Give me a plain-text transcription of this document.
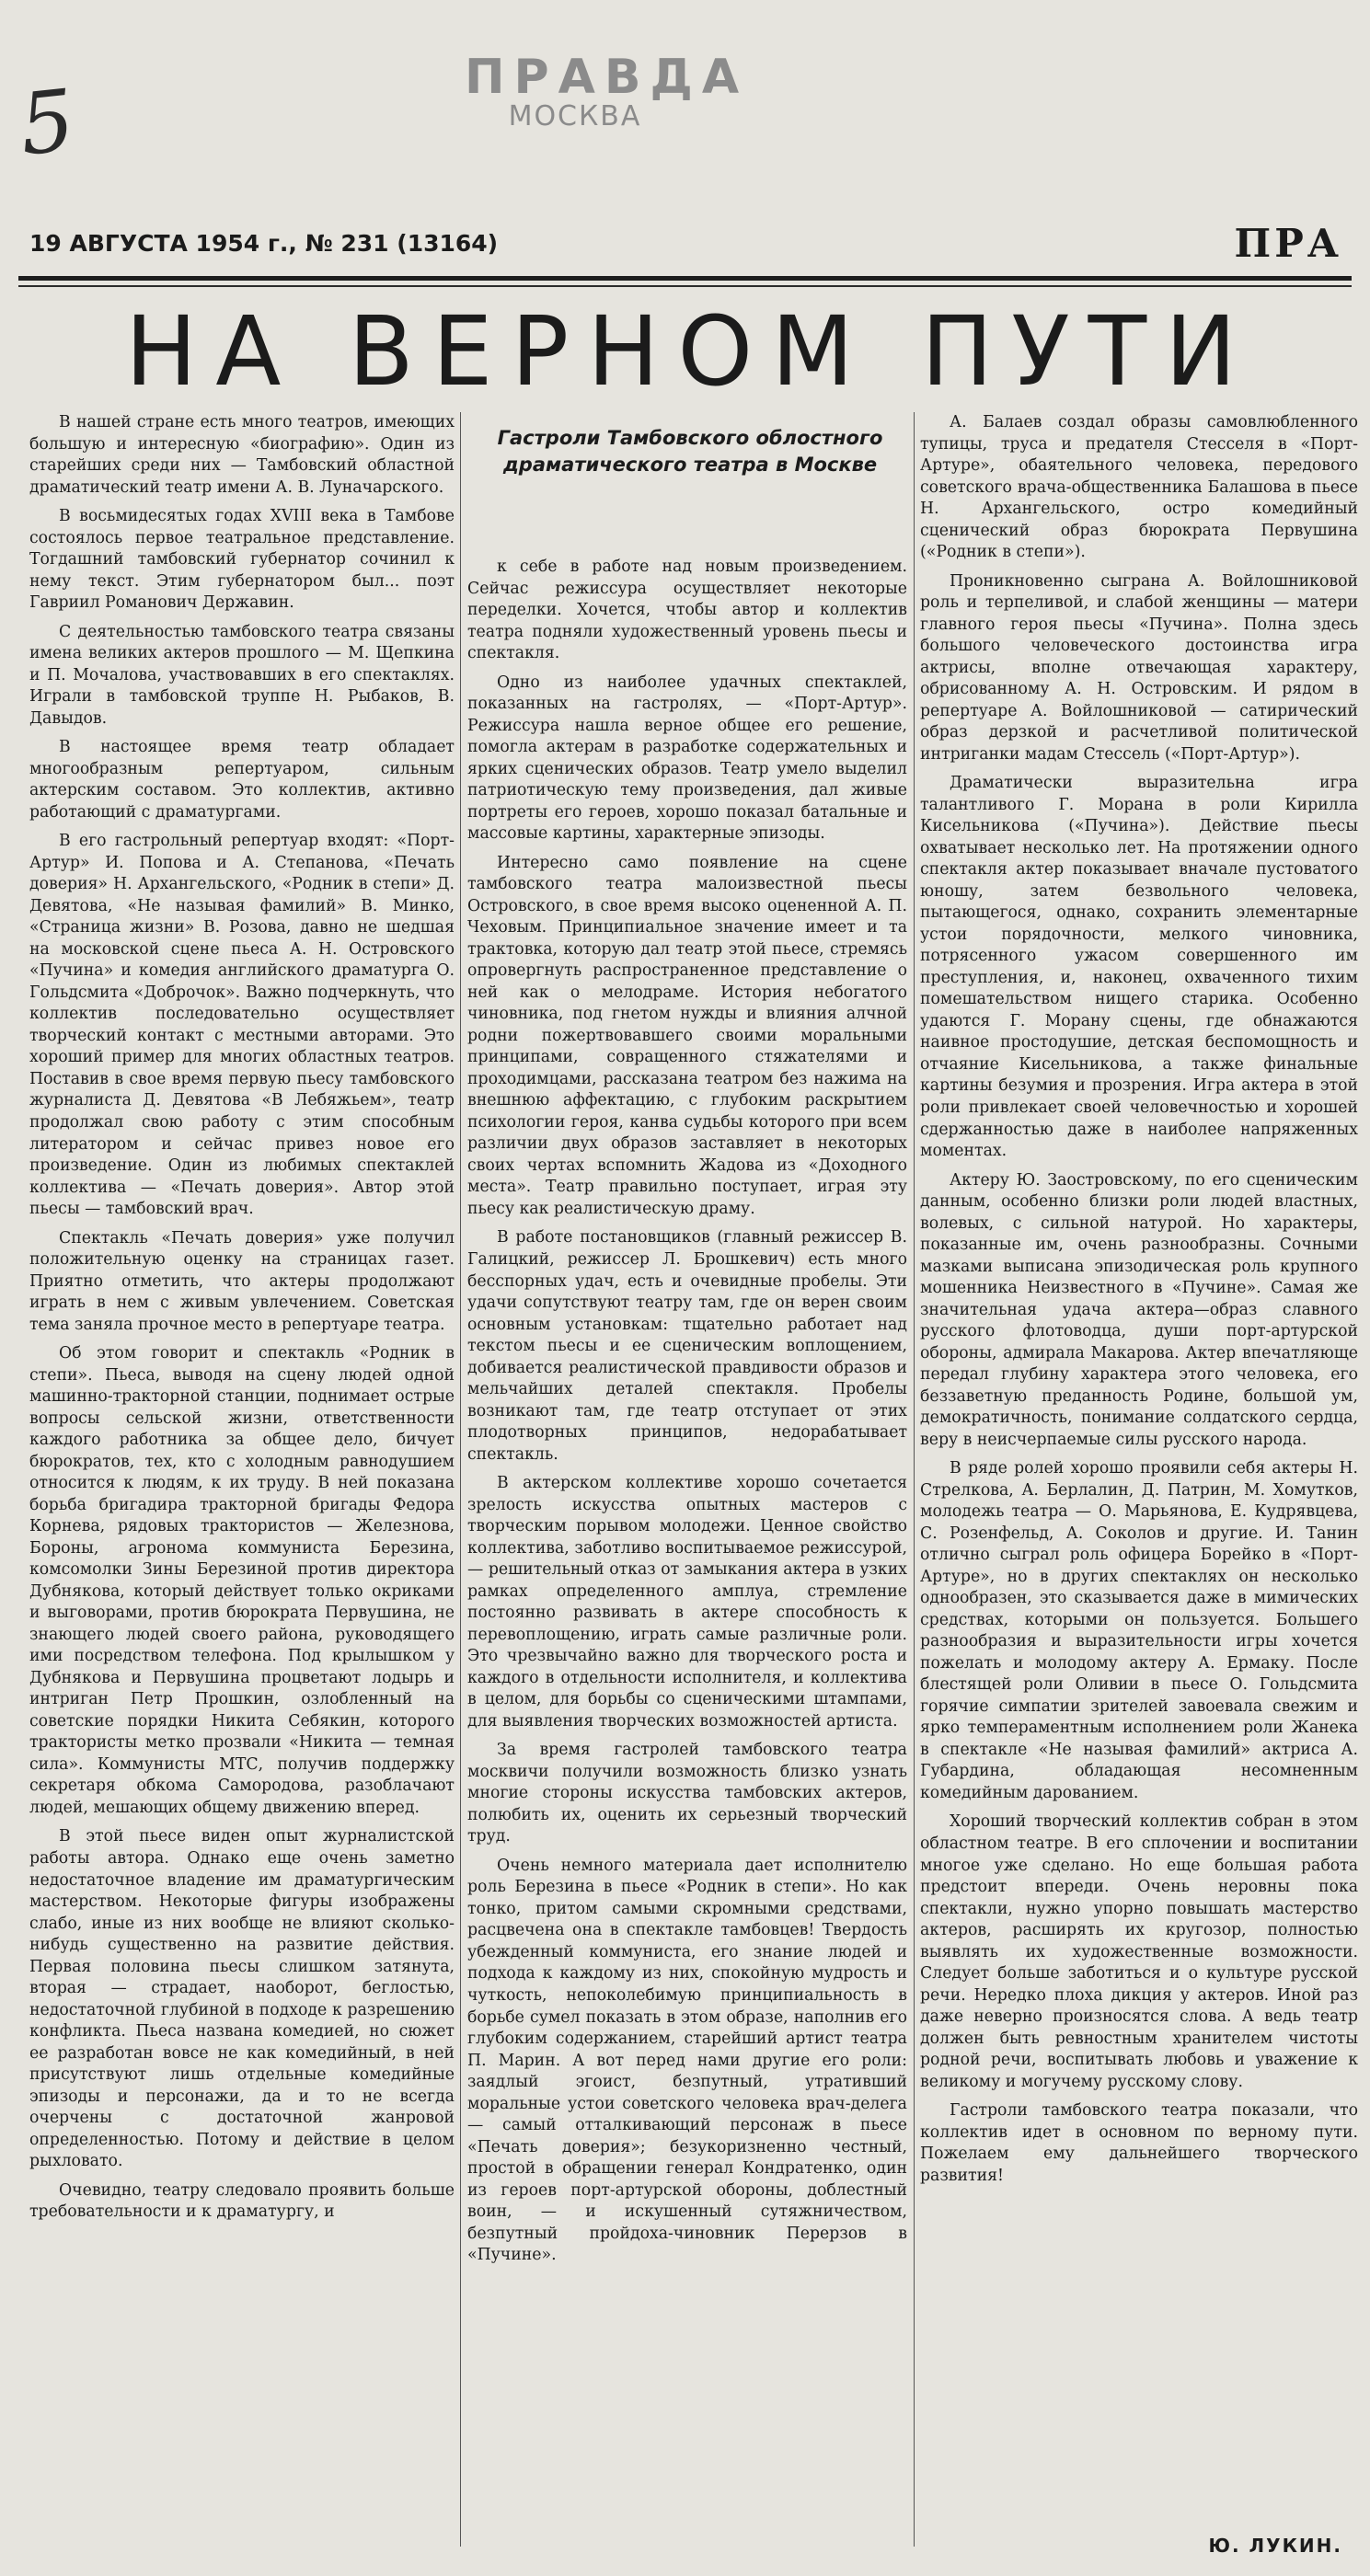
5	ПРАВДА
МОСКВА
19 АВГУСТА 1954 г., № 231 (13164)	ПРА
НА ВЕРНОМ ПУТИ
Гастроли Тамбовского облостного драматического театра в Москве

В нашей стране есть много театров, имеющих большую и интересную «биографию». Один из старейших среди них — Тамбовский областной драматический театр имени А. В. Луначарского.

В восьмидесятых годах XVIII века в Тамбове состоялось первое театральное представление. Тогдашний тамбовский губернатор сочинил к нему текст. Этим губернатором был... поэт Гавриил Романович Державин.

С деятельностью тамбовского театра связаны имена великих актеров прошлого — М. Щепкина и П. Мочалова, участвовавших в его спектаклях. Играли в тамбовской труппе Н. Рыбаков, В. Давыдов.

В настоящее время театр обладает многообразным репертуаром, сильным актерским составом. Это коллектив, активно работающий с драматургами.

В его гастрольный репертуар входят: «Порт-Артур» И. Попова и А. Степанова, «Печать доверия» Н. Архангельского, «Родник в степи» Д. Девятова, «Не называя фамилий» В. Минко, «Страница жизни» В. Розова, давно не шедшая на московской сцене пьеса А. Н. Островского «Пучина» и комедия английского драматурга О. Гольдсмита «Доброчок». Важно подчеркнуть, что коллектив последовательно осуществляет творческий контакт с местными авторами. Это хороший пример для многих областных театров. Поставив в свое время первую пьесу тамбовского журналиста Д. Девятова «В Лебяжьем», театр продолжал свою работу с этим способным литератором и сейчас привез новое его произведение. Один из любимых спектаклей коллектива — «Печать доверия». Автор этой пьесы — тамбовский врач.

Спектакль «Печать доверия» уже получил положительную оценку на страницах газет. Приятно отметить, что актеры продолжают играть в нем с живым увлечением. Советская тема заняла прочное место в репертуаре театра.

Об этом говорит и спектакль «Родник в степи». Пьеса, выводя на сцену людей одной машинно-тракторной станции, поднимает острые вопросы сельской жизни, ответственности каждого работника за общее дело, бичует бюрократов, тех, кто с холодным равнодушием относится к людям, к их труду. В ней показана борьба бригадира тракторной бригады Федора Корнева, рядовых трактористов — Железнова, Бороны, агронома коммуниста Березина, комсомолки Зины Березиной против директора Дубнякова, который действует только окриками и выговорами, против бюрократа Первушина, не знающего людей своего района, руководящего ими посредством телефона. Под крылышком у Дубнякова и Первушина процветают лодырь и интриган Петр Прошкин, озлобленный на советские порядки Никита Себякин, которого трактористы метко прозвали «Никита — темная сила». Коммунисты МТС, получив поддержку секретаря обкома Самородова, разоблачают людей, мешающих общему движению вперед.

В этой пьесе виден опыт журналистской работы автора. Однако еще очень заметно недостаточное владение им драматургическим мастерством. Некоторые фигуры изображены слабо, иные из них вообще не влияют сколько-нибудь существенно на развитие действия. Первая половина пьесы слишком затянута, вторая — страдает, наоборот, беглостью, недостаточной глубиной в подходе к разрешению конфликта. Пьеса названа комедией, но сюжет ее разработан вовсе не как комедийный, в ней присутствуют лишь отдельные комедийные эпизоды и персонажи, да и то не всегда очерчены с достаточной жанровой определенностью. Потому и действие в целом рыхловато.

Очевидно, театру следовало проявить больше требовательности и к драматургу, и

к себе в работе над новым произведением. Сейчас режиссура осуществляет некоторые переделки. Хочется, чтобы автор и коллектив театра подняли художественный уровень пьесы и спектакля.

Одно из наиболее удачных спектаклей, показанных на гастролях, — «Порт-Артур». Режиссура нашла верное общее его решение, помогла актерам в разработке содержательных и ярких сценических образов. Театр умело выделил патриотическую тему произведения, дал живые портреты его героев, хорошо показал батальные и массовые картины, характерные эпизоды.

Интересно само появление на сцене тамбовского театра малоизвестной пьесы Островского, в свое время высоко оцененной А. П. Чеховым. Принципиальное значение имеет и та трактовка, которую дал театр этой пьесе, стремясь опровергнуть распространенное представление о ней как о мелодраме. История небогатого чиновника, под гнетом нужды и влияния алчной родни пожертвовавшего своими моральными принципами, совращенного стяжателями и проходимцами, рассказана театром без нажима на внешнюю аффектацию, с глубоким раскрытием психологии героя, канва судьбы которого при всем различии двух образов заставляет в некоторых своих чертах вспомнить Жадова из «Доходного места». Театр правильно поступает, играя эту пьесу как реалистическую драму.

В работе постановщиков (главный режиссер В. Галицкий, режиссер Л. Брошкевич) есть много бесспорных удач, есть и очевидные пробелы. Эти удачи сопутствуют театру там, где он верен своим основным установкам: тщательно работает над текстом пьесы и ее сценическим воплощением, добивается реалистической правдивости образов и мельчайших деталей спектакля. Пробелы возникают там, где театр отступает от этих плодотворных принципов, недорабатывает спектакль.

В актерском коллективе хорошо сочетается зрелость искусства опытных мастеров с творческим порывом молодежи. Ценное свойство коллектива, заботливо воспитываемое режиссурой, — решительный отказ от замыкания актера в узких рамках определенного амплуа, стремление постоянно развивать в актере способность к перевоплощению, играть самые различные роли. Это чрезвычайно важно для творческого роста и каждого в отдельности исполнителя, и коллектива в целом, для борьбы со сценическими штампами, для выявления творческих возможностей артиста.

За время гастролей тамбовского театра москвичи получили возможность близко узнать многие стороны искусства тамбовских актеров, полюбить их, оценить их серьезный творческий труд.

Очень немного материала дает исполнителю роль Березина в пьесе «Родник в степи». Но как тонко, притом самыми скромными средствами, расцвечена она в спектакле тамбовцев! Твердость убежденный коммуниста, его знание людей и подхода к каждому из них, спокойную мудрость и чуткость, непоколебимую принципиальность в борьбе сумел показать в этом образе, наполнив его глубоким содержанием, старейший артист театра П. Марин. А вот перед нами другие его роли: заядлый эгоист, безпутный, утративший моральные устои советского человека врач-делега — самый отталкивающий персонаж в пьесе «Печать доверия»; безукоризненно честный, простой в обращении генерал Кондратенко, один из героев порт-артурской обороны, доблестный воин, — и искушенный сутяжничеством, безпутный пройдоха-чиновник Перерзов в «Пучине».

А. Балаев создал образы самовлюбленного тупицы, труса и предателя Стесселя в «Порт-Артуре», обаятельного человека, передового советского врача-общественника Балашова в пьесе Н. Архангельского, остро комедийный сценический образ бюрократа Первушина («Родник в степи»).

Проникновенно сыграна А. Войлошниковой роль и терпеливой, и слабой женщины — матери главного героя пьесы «Пучина». Полна здесь большого человеческого достоинства игра актрисы, вполне отвечающая характеру, обрисованному А. Н. Островским. И рядом в репертуаре А. Войлошниковой — сатирический образ дерзкой и расчетливой политической интриганки мадам Стессель («Порт-Артур»).

Драматически выразительна игра талантливого Г. Морана в роли Кирилла Кисельникова («Пучина»). Действие пьесы охватывает несколько лет. На протяжении одного спектакля актер показывает вначале пустоватого юношу, затем безвольного человека, пытающегося, однако, сохранить элементарные устои порядочности, мелкого чиновника, потрясенного ужасом совершенного им преступления, и, наконец, охваченного тихим помешательством нищего старика. Особенно удаются Г. Морану сцены, где обнажаются наивное простодушие, детская беспомощность и отчаяние Кисельникова, а также финальные картины безумия и прозрения. Игра актера в этой роли привлекает своей человечностью и хорошей сдержанностью даже в наиболее напряженных моментах.

Актеру Ю. Зaостровскому, по его сценическим данным, особенно близки роли людей властных, волевых, с сильной натурой. Но характеры, показанные им, очень разнообразны. Сочными мазками выписана эпизодическая роль крупного мошенника Неизвестного в «Пучине». Самая же значительная удача актера—образ славного русского флотоводца, души порт-артурской обороны, адмирала Макарова. Актер впечатляюще передал глубину характера этого человека, его беззаветную преданность Родине, большой ум, демократичность, понимание солдатского сердца, веру в неисчерпаемые силы русского народа.

В ряде ролей хорошо проявили себя актеры Н. Стрелкова, А. Берлалин, Д. Патрин, М. Хомутков, молодежь театра — О. Марьянова, Е. Кудрявцева, С. Розенфельд, А. Соколов и другие. И. Танин отлично сыграл роль офицера Борейко в «Порт-Артуре», но в других спектаклях он несколько однообразен, это сказывается даже в мимических средствах, которыми он пользуется. Большего разнообразия и выразительности игры хочется пожелать и молодому актеру А. Ермаку. После блестящей роли Оливии в пьесе О. Гольдсмита горячие симпатии зрителей завоевала свежим и ярко темпераментным исполнением роли Жанека в спектакле «Не называя фамилий» актриса А. Губардина, обладающая несомненным комедийным дарованием.

Хороший творческий коллектив собран в этом областном театре. В его сплочении и воспитании многое уже сделано. Но еще большая работа предстоит впереди. Очень неровны пока спектакли, нужно упорно повышать мастерство актеров, расширять их кругозор, полностью выявлять их художественные возможности. Следует больше заботиться и о культуре русской речи. Нередко плоха дикция у актеров. Иной раз даже неверно произносятся слова. А ведь театр должен быть ревностным хранителем чистоты родной речи, воспитывать любовь и уважение к великому и могучему русскому слову.

Гастроли тамбовского театра показали, что коллектив идет в основном по верному пути. Пожелаем ему дальнейшего творческого развития!

Ю. ЛУКИН.
